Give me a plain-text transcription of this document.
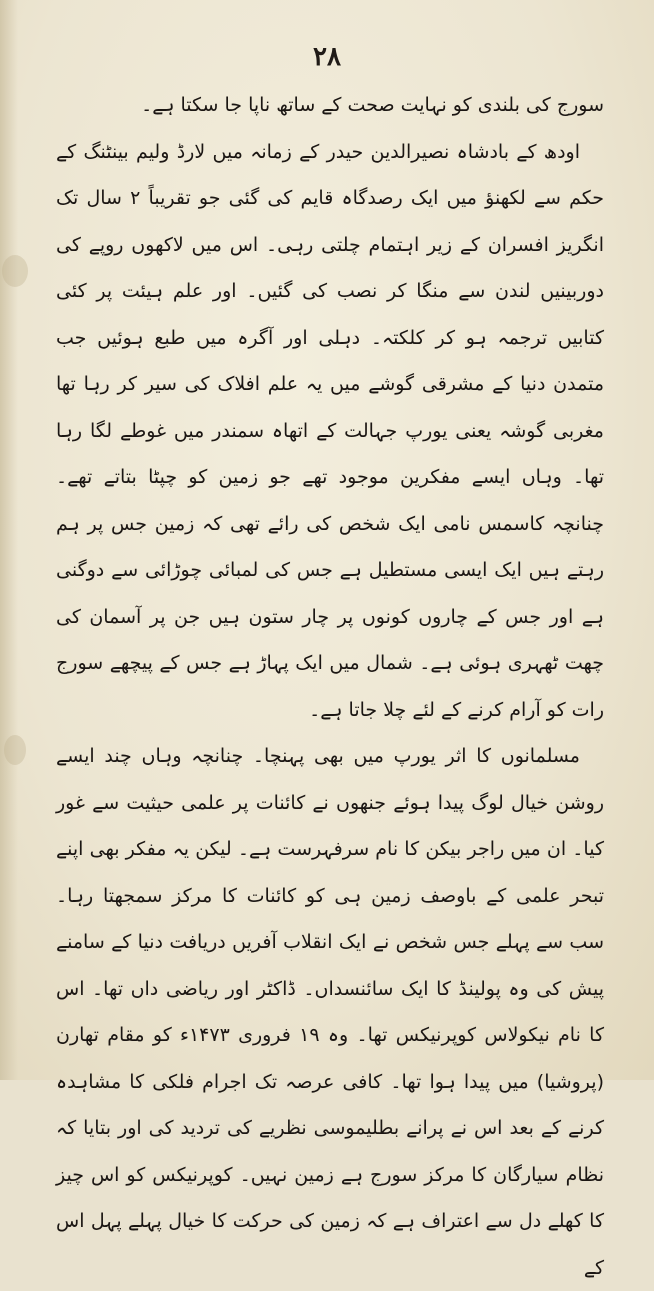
۲۸

سورج کی بلندی کو نہایت صحت کے ساتھ ناپا جا سکتا ہے۔

اودھ کے بادشاہ نصیرالدین حیدر کے زمانہ میں لارڈ ولیم بینٹنگ کے حکم سے لکھنؤ میں ایک رصدگاہ قایم کی گئی جو تقریباً ۲ سال تک انگریز افسران کے زیر اہتمام چلتی رہی۔ اس میں لاکھوں روپے کی دوربینیں لندن سے منگا کر نصب کی گئیں۔ اور علم ہیئت پر کئی کتابیں ترجمہ ہو کر کلکتہ۔ دہلی اور آگرہ میں طبع ہوئیں جب متمدن دنیا کے مشرقی گوشے میں یہ علم افلاک کی سیر کر رہا تھا مغربی گوشہ یعنی یورپ جہالت کے اتھاہ سمندر میں غوطے لگا رہا تھا۔ وہاں ایسے مفکرین موجود تھے جو زمین کو چپٹا بتاتے تھے۔ چنانچہ کاسمس نامی ایک شخص کی رائے تھی کہ زمین جس پر ہم رہتے ہیں ایک ایسی مستطیل ہے جس کی لمبائی چوڑائی سے دوگنی ہے اور جس کے چاروں کونوں پر چار ستون ہیں جن پر آسمان کی چھت ٹھہری ہوئی ہے۔ شمال میں ایک پہاڑ ہے جس کے پیچھے سورج رات کو آرام کرنے کے لئے چلا جاتا ہے۔

مسلمانوں کا اثر یورپ میں بھی پہنچا۔ چنانچہ وہاں چند ایسے روشن خیال لوگ پیدا ہوئے جنھوں نے کائنات پر علمی حیثیت سے غور کیا۔ ان میں راجر بیکن کا نام سرفہرست ہے۔ لیکن یہ مفکر بھی اپنے تبحر علمی کے باوصف زمین ہی کو کائنات کا مرکز سمجھتا رہا۔ سب سے پہلے جس شخص نے ایک انقلاب آفریں دریافت دنیا کے سامنے پیش کی وہ پولینڈ کا ایک سائنسداں۔ ڈاکٹر اور ریاضی داں تھا۔ اس کا نام نیکولاس کوپرنیکس تھا۔ وہ ۱۹ فروری ۱۴۷۳ء کو مقام تھارن (پروشیا) میں پیدا ہوا تھا۔ کافی عرصہ تک اجرام فلکی کا مشاہدہ کرنے کے بعد اس نے پرانے بطلیموسی نظریے کی تردید کی اور بتایا کہ نظام سیارگان کا مرکز سورج ہے زمین نہیں۔ کوپرنیکس کو اس چیز کا کھلے دل سے اعتراف ہے کہ زمین کی حرکت کا خیال پہلے پہل اس کے
